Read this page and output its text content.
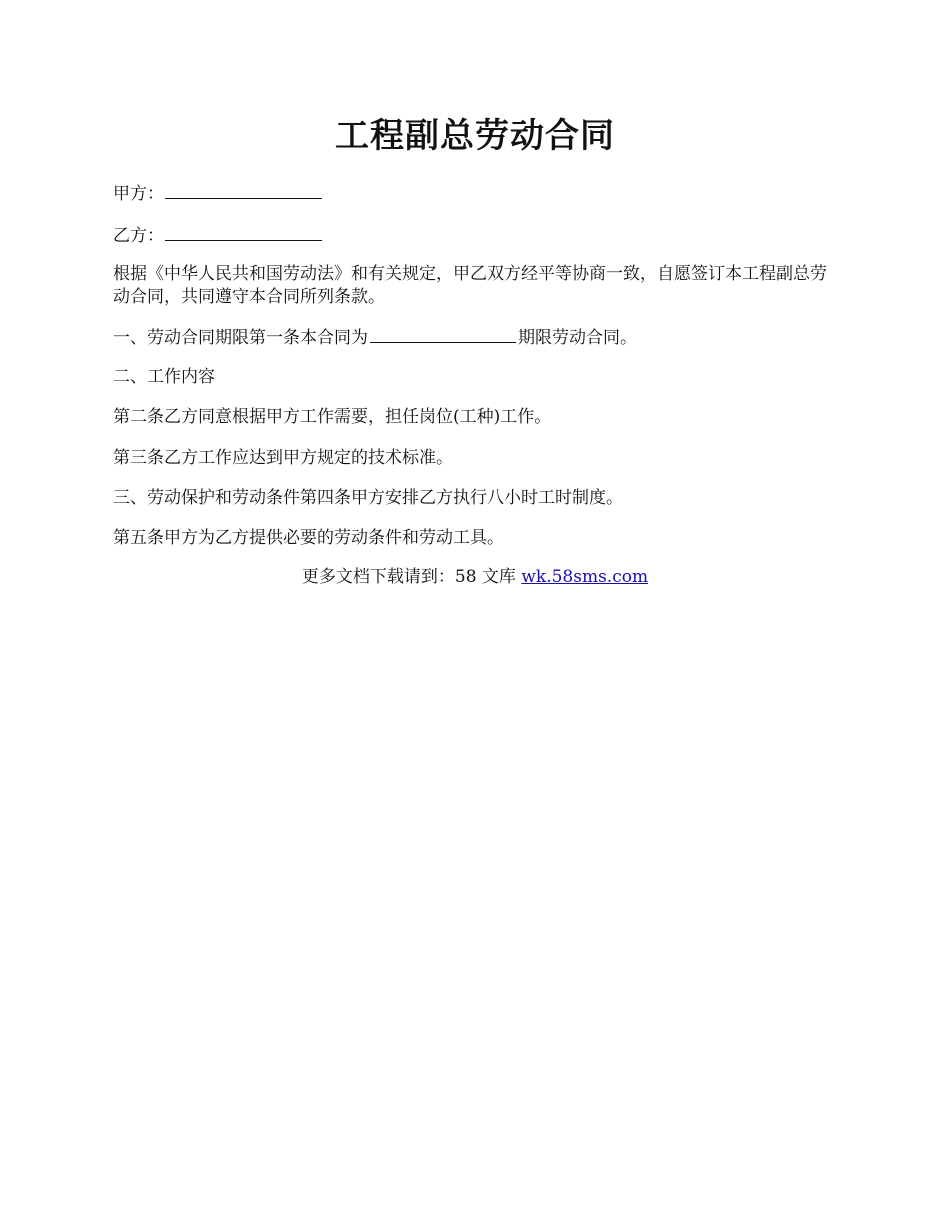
工程副总劳动合同
甲方：
乙方：
根据《中华人民共和国劳动法》和有关规定，甲乙双方经平等协商一致，自愿签订本工程副总劳动合同，共同遵守本合同所列条款。
一、劳动合同期限第一条本合同为	期限劳动合同。
二、工作内容
第二条乙方同意根据甲方工作需要，担任岗位(工种)工作。
第三条乙方工作应达到甲方规定的技术标准。
三、劳动保护和劳动条件第四条甲方安排乙方执行八小时工时制度。
第五条甲方为乙方提供必要的劳动条件和劳动工具。
更多文档下载请到：58 文库 wk.58sms.com
